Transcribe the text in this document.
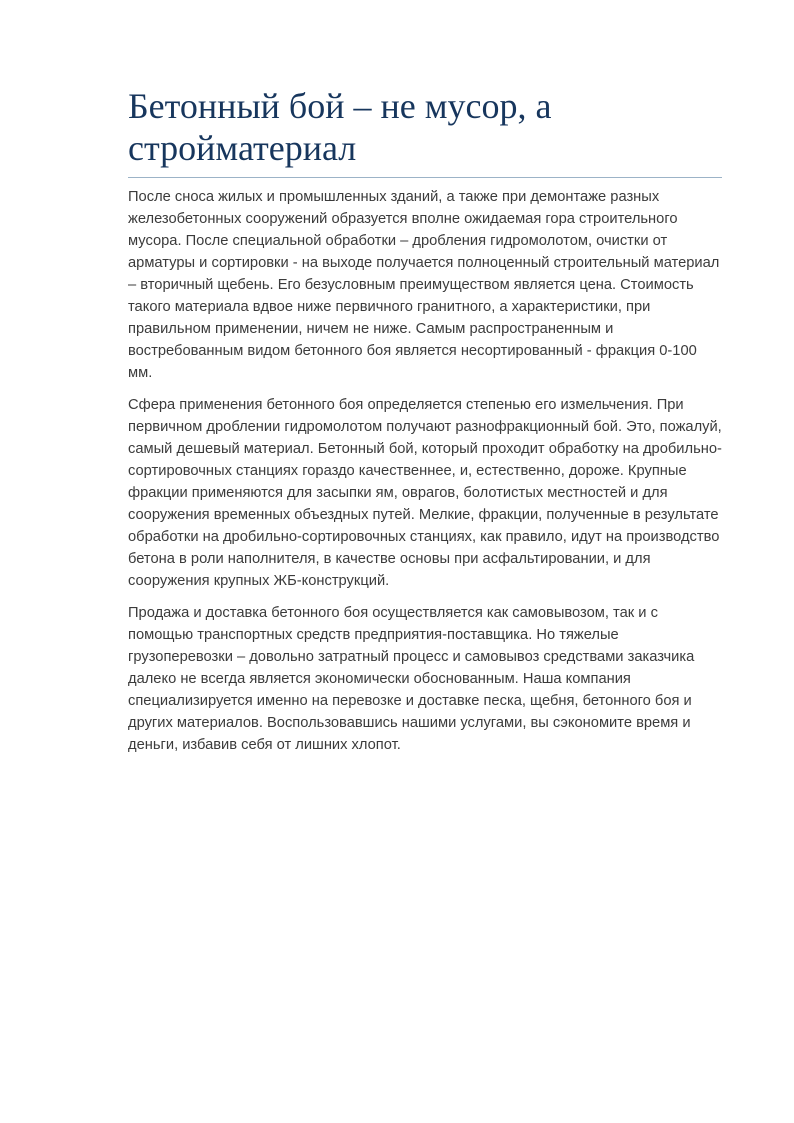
Бетонный бой – не мусор, а стройматериал

После сноса жилых и промышленных зданий, а также при демонтаже разных железобетонных сооружений образуется вполне ожидаемая гора строительного мусора. После специальной обработки – дробления гидромолотом, очистки от арматуры и сортировки - на выходе получается полноценный строительный материал – вторичный щебень. Его безусловным преимуществом является цена. Стоимость такого материала вдвое ниже первичного гранитного, а характеристики, при правильном применении, ничем не ниже. Самым распространенным и востребованным видом бетонного боя является несортированный - фракция 0-100 мм.

Сфера применения бетонного боя определяется степенью его измельчения. При первичном дроблении гидромолотом получают разнофракционный бой. Это, пожалуй, самый дешевый материал. Бетонный бой, который проходит обработку на дробильно-сортировочных станциях гораздо качественнее, и, естественно, дороже. Крупные фракции применяются для засыпки ям, оврагов, болотистых местностей и для сооружения временных объездных путей. Мелкие, фракции, полученные в результате обработки на дробильно-сортировочных станциях, как правило, идут на производство бетона в роли наполнителя, в качестве основы при асфальтировании, и для сооружения крупных ЖБ-конструкций.

Продажа и доставка бетонного боя осуществляется как самовывозом, так и с помощью транспортных средств предприятия-поставщика. Но тяжелые грузоперевозки – довольно затратный процесс и самовывоз средствами заказчика далеко не всегда является экономически обоснованным. Наша компания специализируется именно на перевозке и доставке песка, щебня, бетонного боя и других материалов. Воспользовавшись нашими услугами, вы сэкономите время и деньги, избавив себя от лишних хлопот.
